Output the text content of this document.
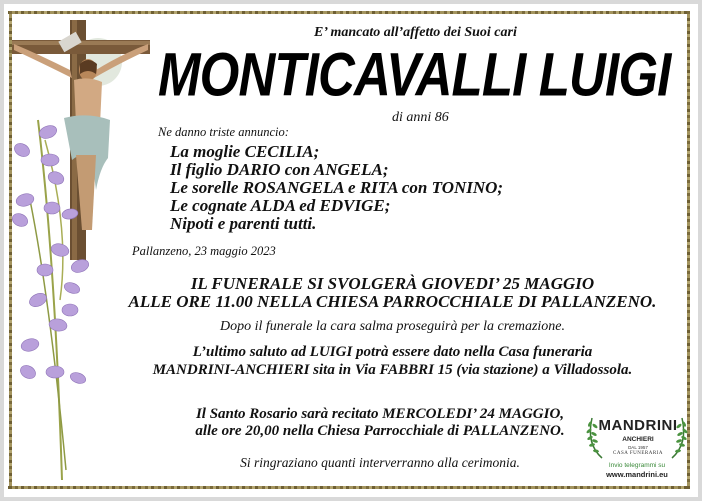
E’ mancato all’affetto dei Suoi cari
MONTICAVALLI LUIGI
di anni 86
Ne danno triste annuncio:
La moglie CECILIA;
Il figlio DARIO con ANGELA;
Le sorelle ROSANGELA e RITA con TONINO;
Le cognate ALDA ed EDVIGE;
Nipoti e parenti tutti.
Pallanzeno, 23 maggio 2023
IL FUNERALE SI SVOLGERÀ GIOVEDI’ 25 MAGGIO
ALLE ORE 11.00 NELLA CHIESA PARROCCHIALE DI PALLANZENO.
Dopo il funerale la cara salma proseguirà per la cremazione.
L’ultimo saluto ad LUIGI potrà essere dato nella Casa funeraria
MANDRINI-ANCHIERI sita in Via FABBRI 15 (via stazione) a Villadossola.
Il Santo Rosario sarà recitato MERCOLEDI’ 24 MAGGIO,
alle ore 20,00 nella Chiesa Parrocchiale di PALLANZENO.
Si ringraziano quanti interverranno alla cerimonia.
MANDRINI
ANCHIERI
DAL 1957
CASA FUNERARIA
Invio telegrammi su
www.mandrini.eu
